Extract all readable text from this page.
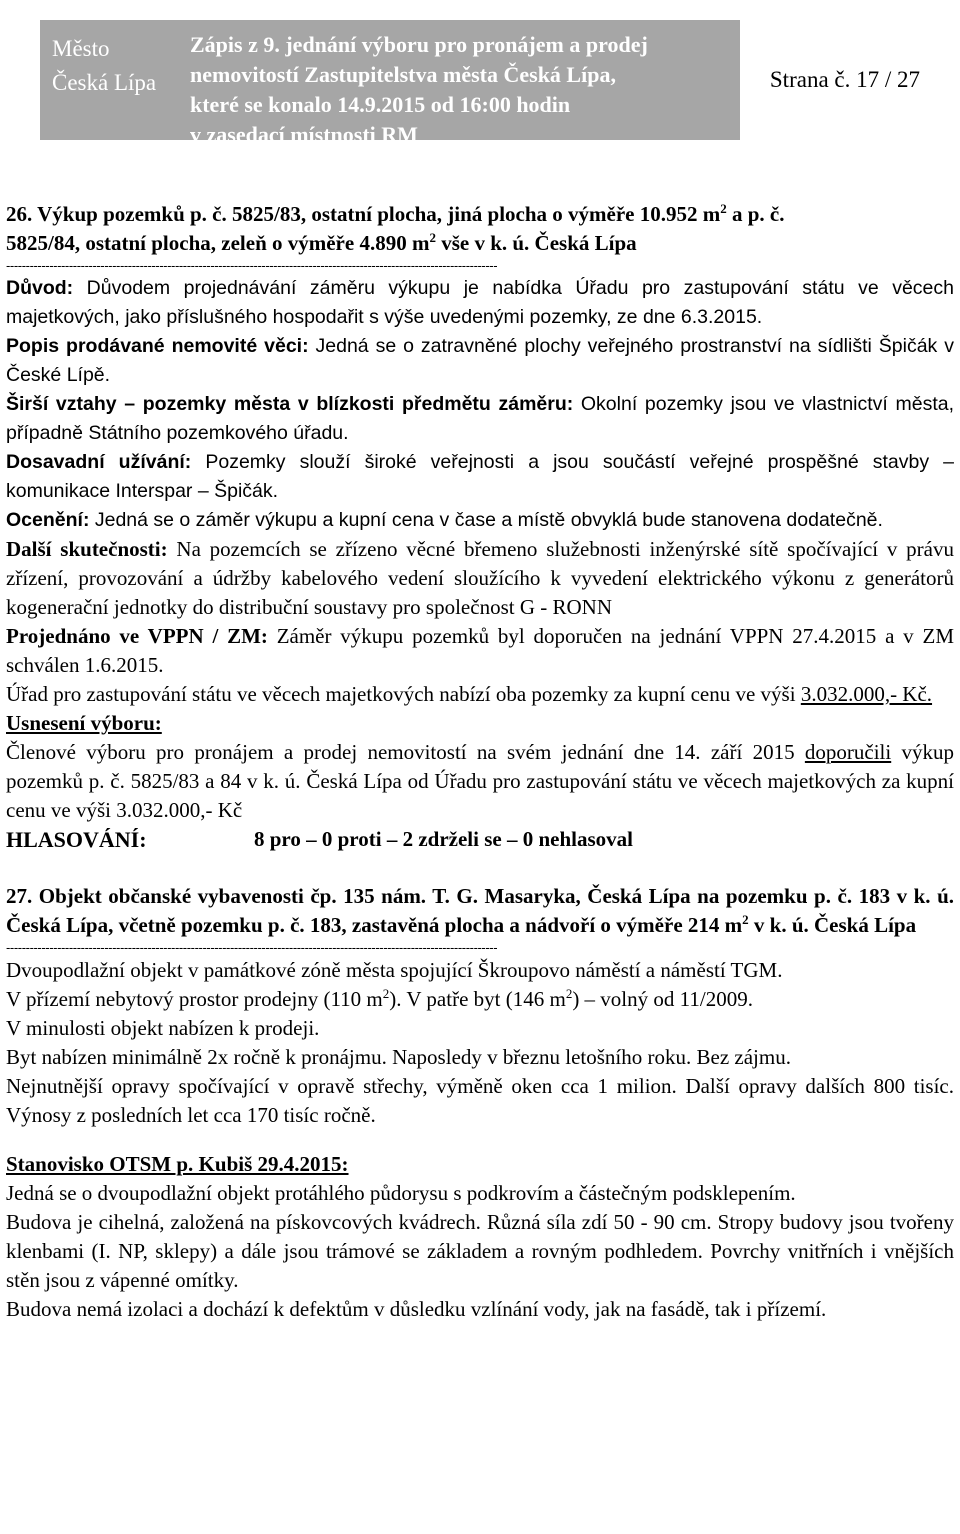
Město
Česká Lípa
Zápis z 9. jednání výboru pro pronájem a prodej
nemovitostí Zastupitelstva města Česká Lípa,
které se konalo 14.9.2015 od 16:00 hodin
v zasedací místnosti RM
Strana č. 17 / 27

26. Výkup pozemků p. č. 5825/83, ostatní plocha, jiná plocha o výměře 10.952 $m^2$ a p. č.
5825/84, ostatní plocha, zeleň o výměře 4.890 $m^2$ vše v k. ú. Česká Lípa

-----------------------------------------------------------------------------------------------------------------------------

Důvod: Důvodem projednávání záměru výkupu je nabídka Úřadu pro zastupování státu ve věcech majetkových, jako příslušného hospodařit s výše uvedenými pozemky, ze dne 6.3.2015.

Popis prodávané nemovité věci: Jedná se o zatravněné plochy veřejného prostranství na sídlišti Špičák v České Lípě.

Širší vztahy – pozemky města v blízkosti předmětu záměru: Okolní pozemky jsou ve vlastnictví města, případně Státního pozemkového úřadu.

Dosavadní užívání: Pozemky slouží široké veřejnosti a jsou součástí veřejné prospěšné stavby – komunikace Interspar – Špičák.

Ocenění: Jedná se o záměr výkupu a kupní cena v čase a místě obvyklá bude stanovena dodatečně.

Další skutečnosti: Na pozemcích se zřízeno věcné břemeno služebnosti inženýrské sítě spočívající v právu zřízení, provozování a údržby kabelového vedení sloužícího k vyvedení elektrického výkonu z generátorů kogenerační jednotky do distribuční soustavy pro společnost G - RONN

Projednáno ve VPPN / ZM: Záměr výkupu pozemků byl doporučen na jednání VPPN 27.4.2015 a v ZM schválen 1.6.2015.

Úřad pro zastupování státu ve věcech majetkových nabízí oba pozemky za kupní cenu ve výši 3.032.000,- Kč.

Usnesení výboru:

Členové výboru pro pronájem a prodej nemovitostí na svém jednání dne 14. září 2015 doporučili výkup pozemků p. č. 5825/83 a 84 v k. ú. Česká Lípa od Úřadu pro zastupování státu ve věcech majetkových za kupní cenu ve výši 3.032.000,- Kč

HLASOVÁNÍ:	8 pro – 0 proti – 2 zdrželi se – 0 nehlasoval

27. Objekt občanské vybavenosti čp. 135 nám. T. G. Masaryka, Česká Lípa na pozemku p. č. 183 v k. ú. Česká Lípa, včetně pozemku p. č. 183, zastavěná plocha a nádvoří o výměře 214 $m^2$ v k. ú. Česká Lípa

-----------------------------------------------------------------------------------------------------------------------------

Dvoupodlažní objekt v památkové zóně města spojující Škroupovo náměstí a náměstí TGM.

V přízemí nebytový prostor prodejny (110 $m^2$). V patře byt (146 $m^2$) – volný od 11/2009.
V minulosti objekt nabízen k prodeji.

Byt nabízen minimálně 2x ročně k pronájmu. Naposledy v březnu letošního roku. Bez zájmu.

Nejnutnější opravy spočívající v opravě střechy, výměně oken cca 1 milion. Další opravy dalších 800 tisíc. Výnosy z posledních let cca 170 tisíc ročně.

Stanovisko OTSM p. Kubiš 29.4.2015:

Jedná se o dvoupodlažní objekt protáhlého půdorysu s podkrovím a částečným podsklepením.

Budova je cihelná, založená na pískovcových kvádrech. Různá síla zdí 50 - 90 cm. Stropy budovy jsou tvořeny klenbami (I. NP, sklepy) a dále jsou trámové se základem a rovným podhledem. Povrchy vnitřních i vnějších stěn jsou z vápenné omítky.

Budova nemá izolaci a dochází k defektům v důsledku vzlínání vody, jak na fasádě, tak i přízemí.
